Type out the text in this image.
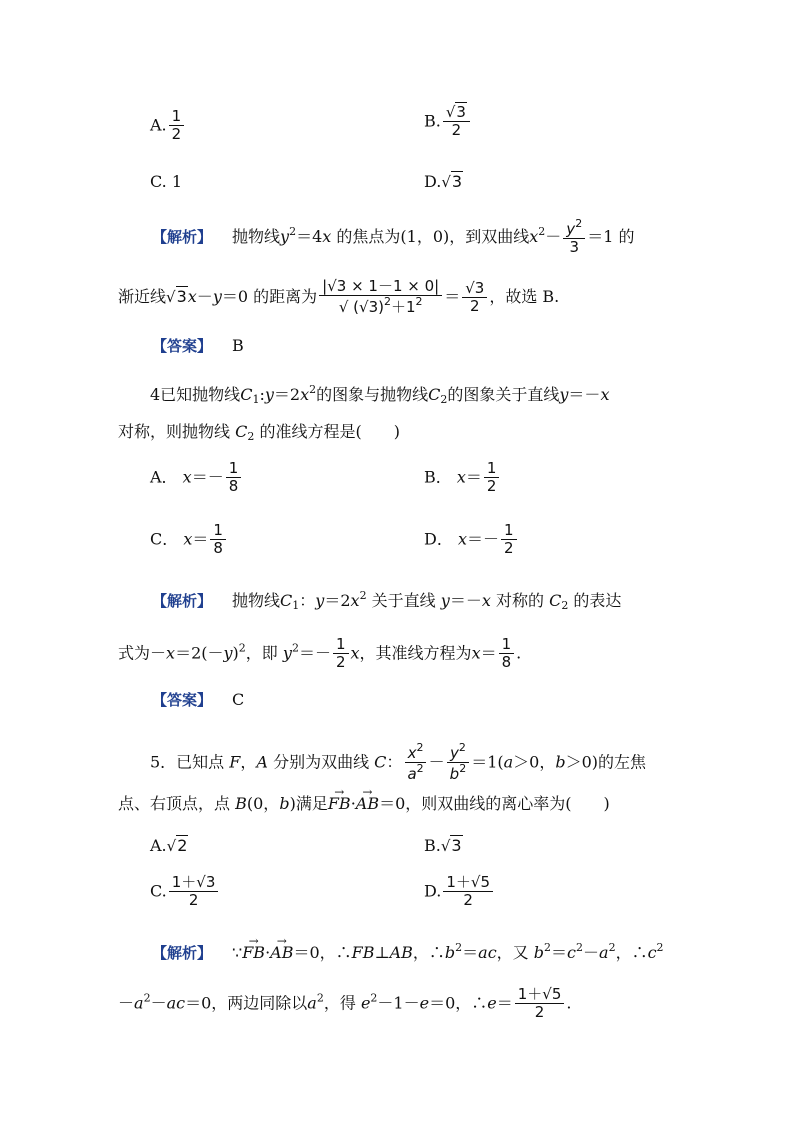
A. $\frac{1}{2}$	B. $\frac{√3}{2}$
C. 1	D.√3
【解析】 抛物线$y^2=4x$ 的焦点为(1，0)，到双曲线$x^2- \frac{y^2}{3} =1$ 的
渐近线√3x－y＝0 的距离为 $\frac{|√3 \times 1-1 \times 0|}{√ (√3)^2+1^2} = \frac{√3}{2}$ ，故选 B.
【答案】 B
4已知抛物线$C_1:y=2x^2$的图象与抛物线$C_2$的图象关于直线y＝－x
对称，则抛物线 $C_2$ 的准线方程是(　　)
A． $x=- \frac{1}{8}$	B． $x= \frac{1}{2}$
C． $x= \frac{1}{8}$	D． $x=- \frac{1}{2}$
【解析】 抛物线$C_1$：$y=2x^2$ 关于直线 y＝－x 对称的 $C_2$ 的表达
式为$-x=2(-y)^2$，即 $y^2=- \frac{1}{2}$ x，其准线方程为$x= \frac{1}{8}$ .
【答案】 C
5．已知点 F，A 分别为双曲线 C： $\frac{x^2}{a^2} - \frac{y^2}{b^2} =1(a>0$，b＞0)的左焦
点、右顶点，点 B(0，b)满足→ FB·→ AB＝0，则双曲线的离心率为(　　)
A.√2	B.√3
C. $\frac{1+√3}{2}$	D. $\frac{1+√5}{2}$
【解析】 ∵→ FB·→ AB＝0，∴FB⊥AB，$\therefore b^2=ac$，又 $b^2=c^2-a^2$，$\therefore c^2$
$-a^2-ac=0$，两边同除以$a^2$，得 $e^2-1-e=0$，∴e＝ $\frac{1+√5}{2}$ .
